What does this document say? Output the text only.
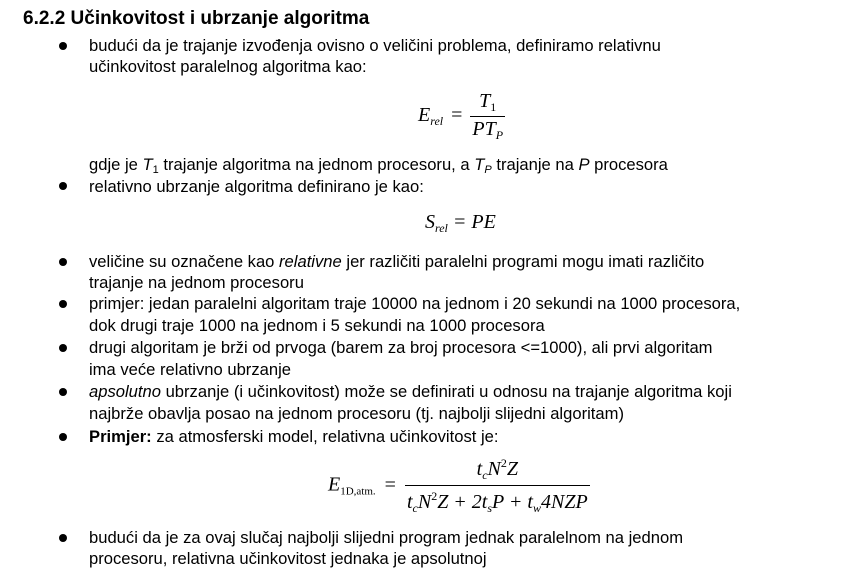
6.2.2 Učinkovitost i ubrzanje algoritma
budući da je trajanje izvođenja ovisno o veličini problema, definiramo relativnu
učinkovitost paralelnog algoritma kao:
$E_{rel} = \frac{T_1}{PT_P}$
gdje je T1 trajanje algoritma na jednom procesoru, a TP trajanje na P procesora
relativno ubrzanje algoritma definirano je kao:
$S_{rel}$ = PE
veličine su označene kao relativne jer različiti paralelni programi mogu imati različito
trajanje na jednom procesoru
primjer: jedan paralelni algoritam traje 10000 na jednom i 20 sekundi na 1000 procesora,
dok drugi traje 1000 na jednom i 5 sekundi na 1000 procesora
drugi algoritam je brži od prvoga (barem za broj procesora <=1000), ali prvi algoritam
ima veće relativno ubrzanje
apsolutno ubrzanje (i učinkovitost) može se definirati u odnosu na trajanje algoritma koji
najbrže obavlja posao na jednom procesoru (tj. najbolji slijedni algoritam)
Primjer: za atmosferski model, relativna učinkovitost je:
$E_{1D,atm.} = \frac{t_cN^2Z}{t_cN^2Z + 2t_sP + t_w4NZP}$
budući da je za ovaj slučaj najbolji slijedni program jednak paralelnom na jednom
procesoru, relativna učinkovitost jednaka je apsolutnoj
